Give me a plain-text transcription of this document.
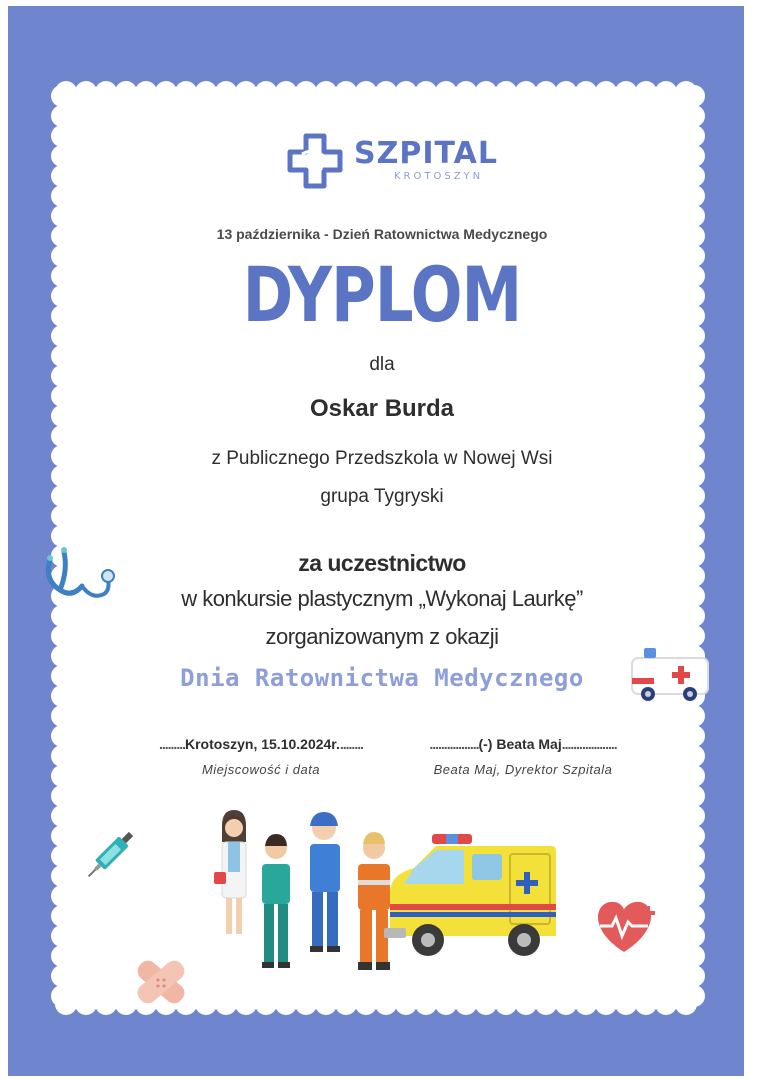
SZPITAL
KROTOSZYN
13 października - Dzień Ratownictwa Medycznego
DYPLOM
dla
Oskar Burda
z Publicznego Przedszkola w Nowej Wsi
grupa Tygryski
za uczestnictwo
w konkursie plastycznym „Wykonaj Laurkę”
zorganizowanym z okazji
Dnia Ratownictwa Medycznego
.........Krotoszyn, 15.10.2024r.........
Miejscowość i data
.................(-) Beata Maj...................
Beata Maj, Dyrektor Szpitala
